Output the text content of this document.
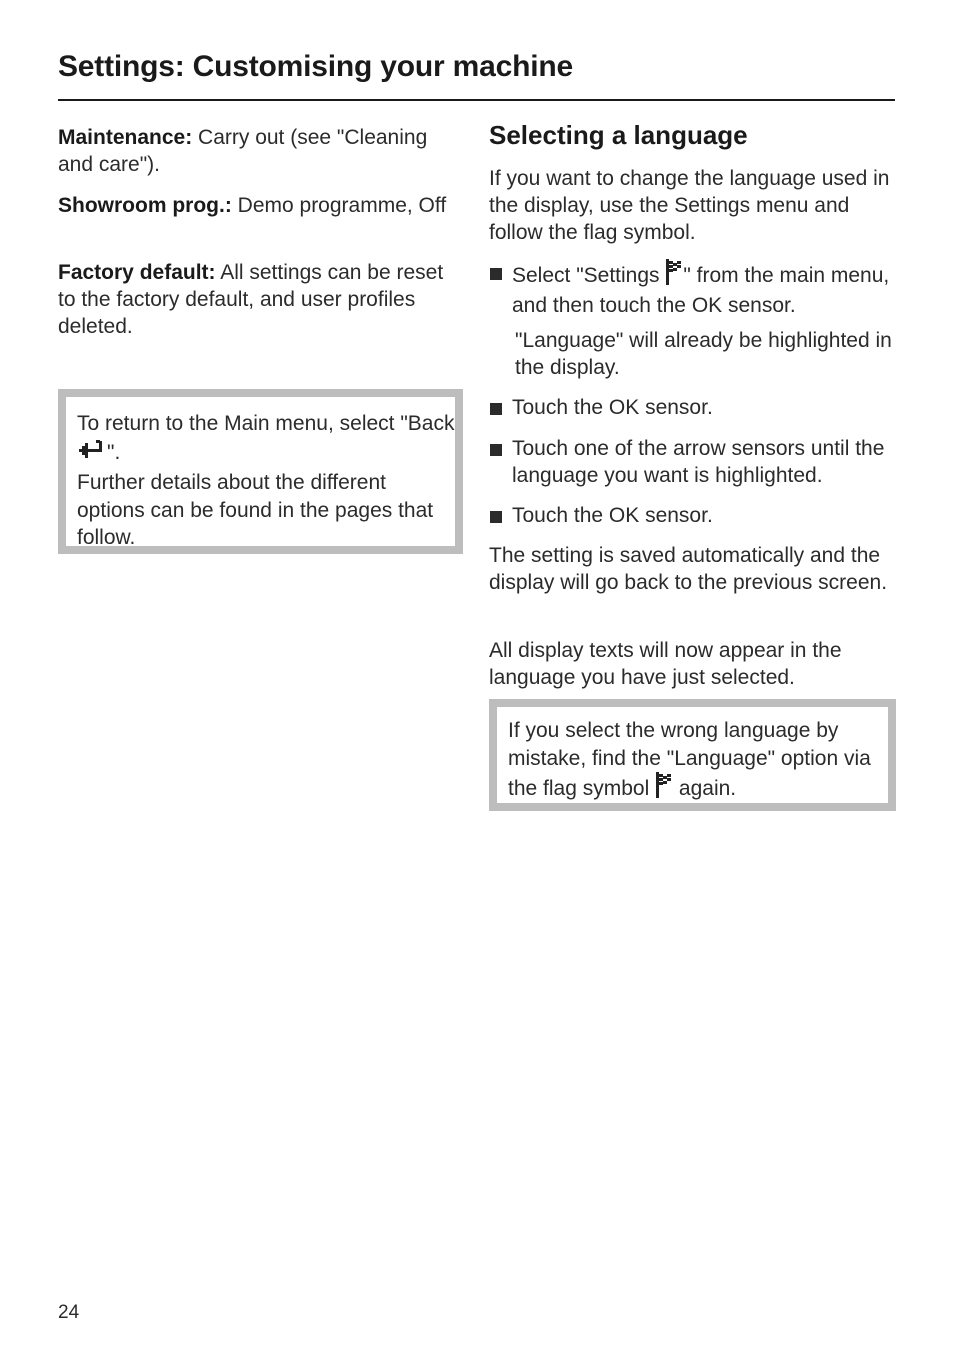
Settings: Customising your machine

Maintenance: Carry out (see "Cleaning and care").

Showroom prog.: Demo programme, Off

Factory default: All settings can be reset to the factory default, and user profiles deleted.

To return to the Main menu, select "Back ".

Further details about the different options can be found in the pages that follow.

Selecting a language

If you want to change the language used in the display, use the Settings menu and follow the flag symbol.

Select "Settings " from the main menu, and then touch the OK sensor.

"Language" will already be highlighted in the display.

Touch the OK sensor.

Touch one of the arrow sensors until the language you want is highlighted.

Touch the OK sensor.

The setting is saved automatically and the display will go back to the previous screen.

All display texts will now appear in the language you have just selected.

If you select the wrong language by mistake, find the "Language" option via the flag symbol  again.

24
